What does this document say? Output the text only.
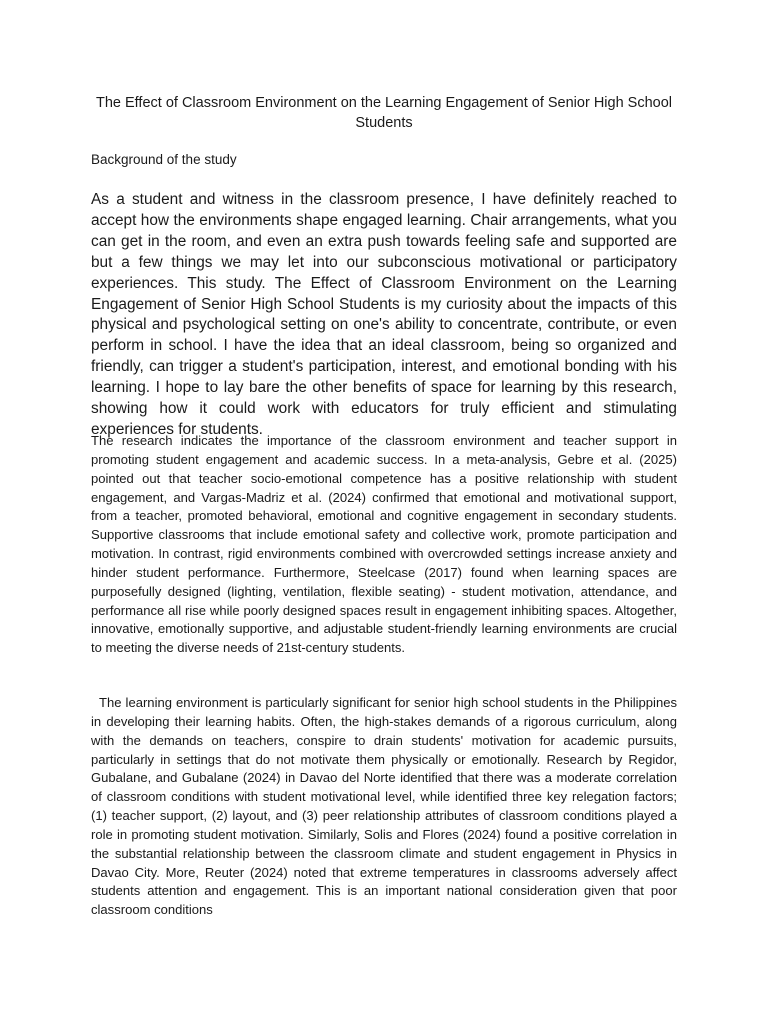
The Effect of Classroom Environment on the Learning Engagement of Senior High School Students
Background of the study

As a student and witness in the classroom presence, I have definitely reached to accept how the environments shape engaged learning. Chair arrangements, what you can get in the room, and even an extra push towards feeling safe and supported are but a few things we may let into our subconscious motivational or participatory experiences. This study. The Effect of Classroom Environment on the Learning Engagement of Senior High School Students is my curiosity about the impacts of this physical and psychological setting on one's ability to concentrate, contribute, or even perform in school. I have the idea that an ideal classroom, being so organized and friendly, can trigger a student's participation, interest, and emotional bonding with his learning. I hope to lay bare the other benefits of space for learning by this research, showing how it could work with educators for truly efficient and stimulating experiences for students.

The research indicates the importance of the classroom environment and teacher support in promoting student engagement and academic success. In a meta-analysis, Gebre et al. (2025) pointed out that teacher socio-emotional competence has a positive relationship with student engagement, and Vargas-Madriz et al. (2024) confirmed that emotional and motivational support, from a teacher, promoted behavioral, emotional and cognitive engagement in secondary students. Supportive classrooms that include emotional safety and collective work, promote participation and motivation. In contrast, rigid environments combined with overcrowded settings increase anxiety and hinder student performance. Furthermore, Steelcase (2017) found when learning spaces are purposefully designed (lighting, ventilation, flexible seating) - student motivation, attendance, and performance all rise while poorly designed spaces result in engagement inhibiting spaces. Altogether, innovative, emotionally supportive, and adjustable student-friendly learning environments are crucial to meeting the diverse needs of 21st-century students.

The learning environment is particularly significant for senior high school students in the Philippines in developing their learning habits. Often, the high-stakes demands of a rigorous curriculum, along with the demands on teachers, conspire to drain students' motivation for academic pursuits, particularly in settings that do not motivate them physically or emotionally. Research by Regidor, Gubalane, and Gubalane (2024) in Davao del Norte identified that there was a moderate correlation of classroom conditions with student motivational level, while identified three key relegation factors; (1) teacher support, (2) layout, and (3) peer relationship attributes of classroom conditions played a role in promoting student motivation. Similarly, Solis and Flores (2024) found a positive correlation in the substantial relationship between the classroom climate and student engagement in Physics in Davao City. More, Reuter (2024) noted that extreme temperatures in classrooms adversely affect students attention and engagement. This is an important national consideration given that poor classroom conditions
